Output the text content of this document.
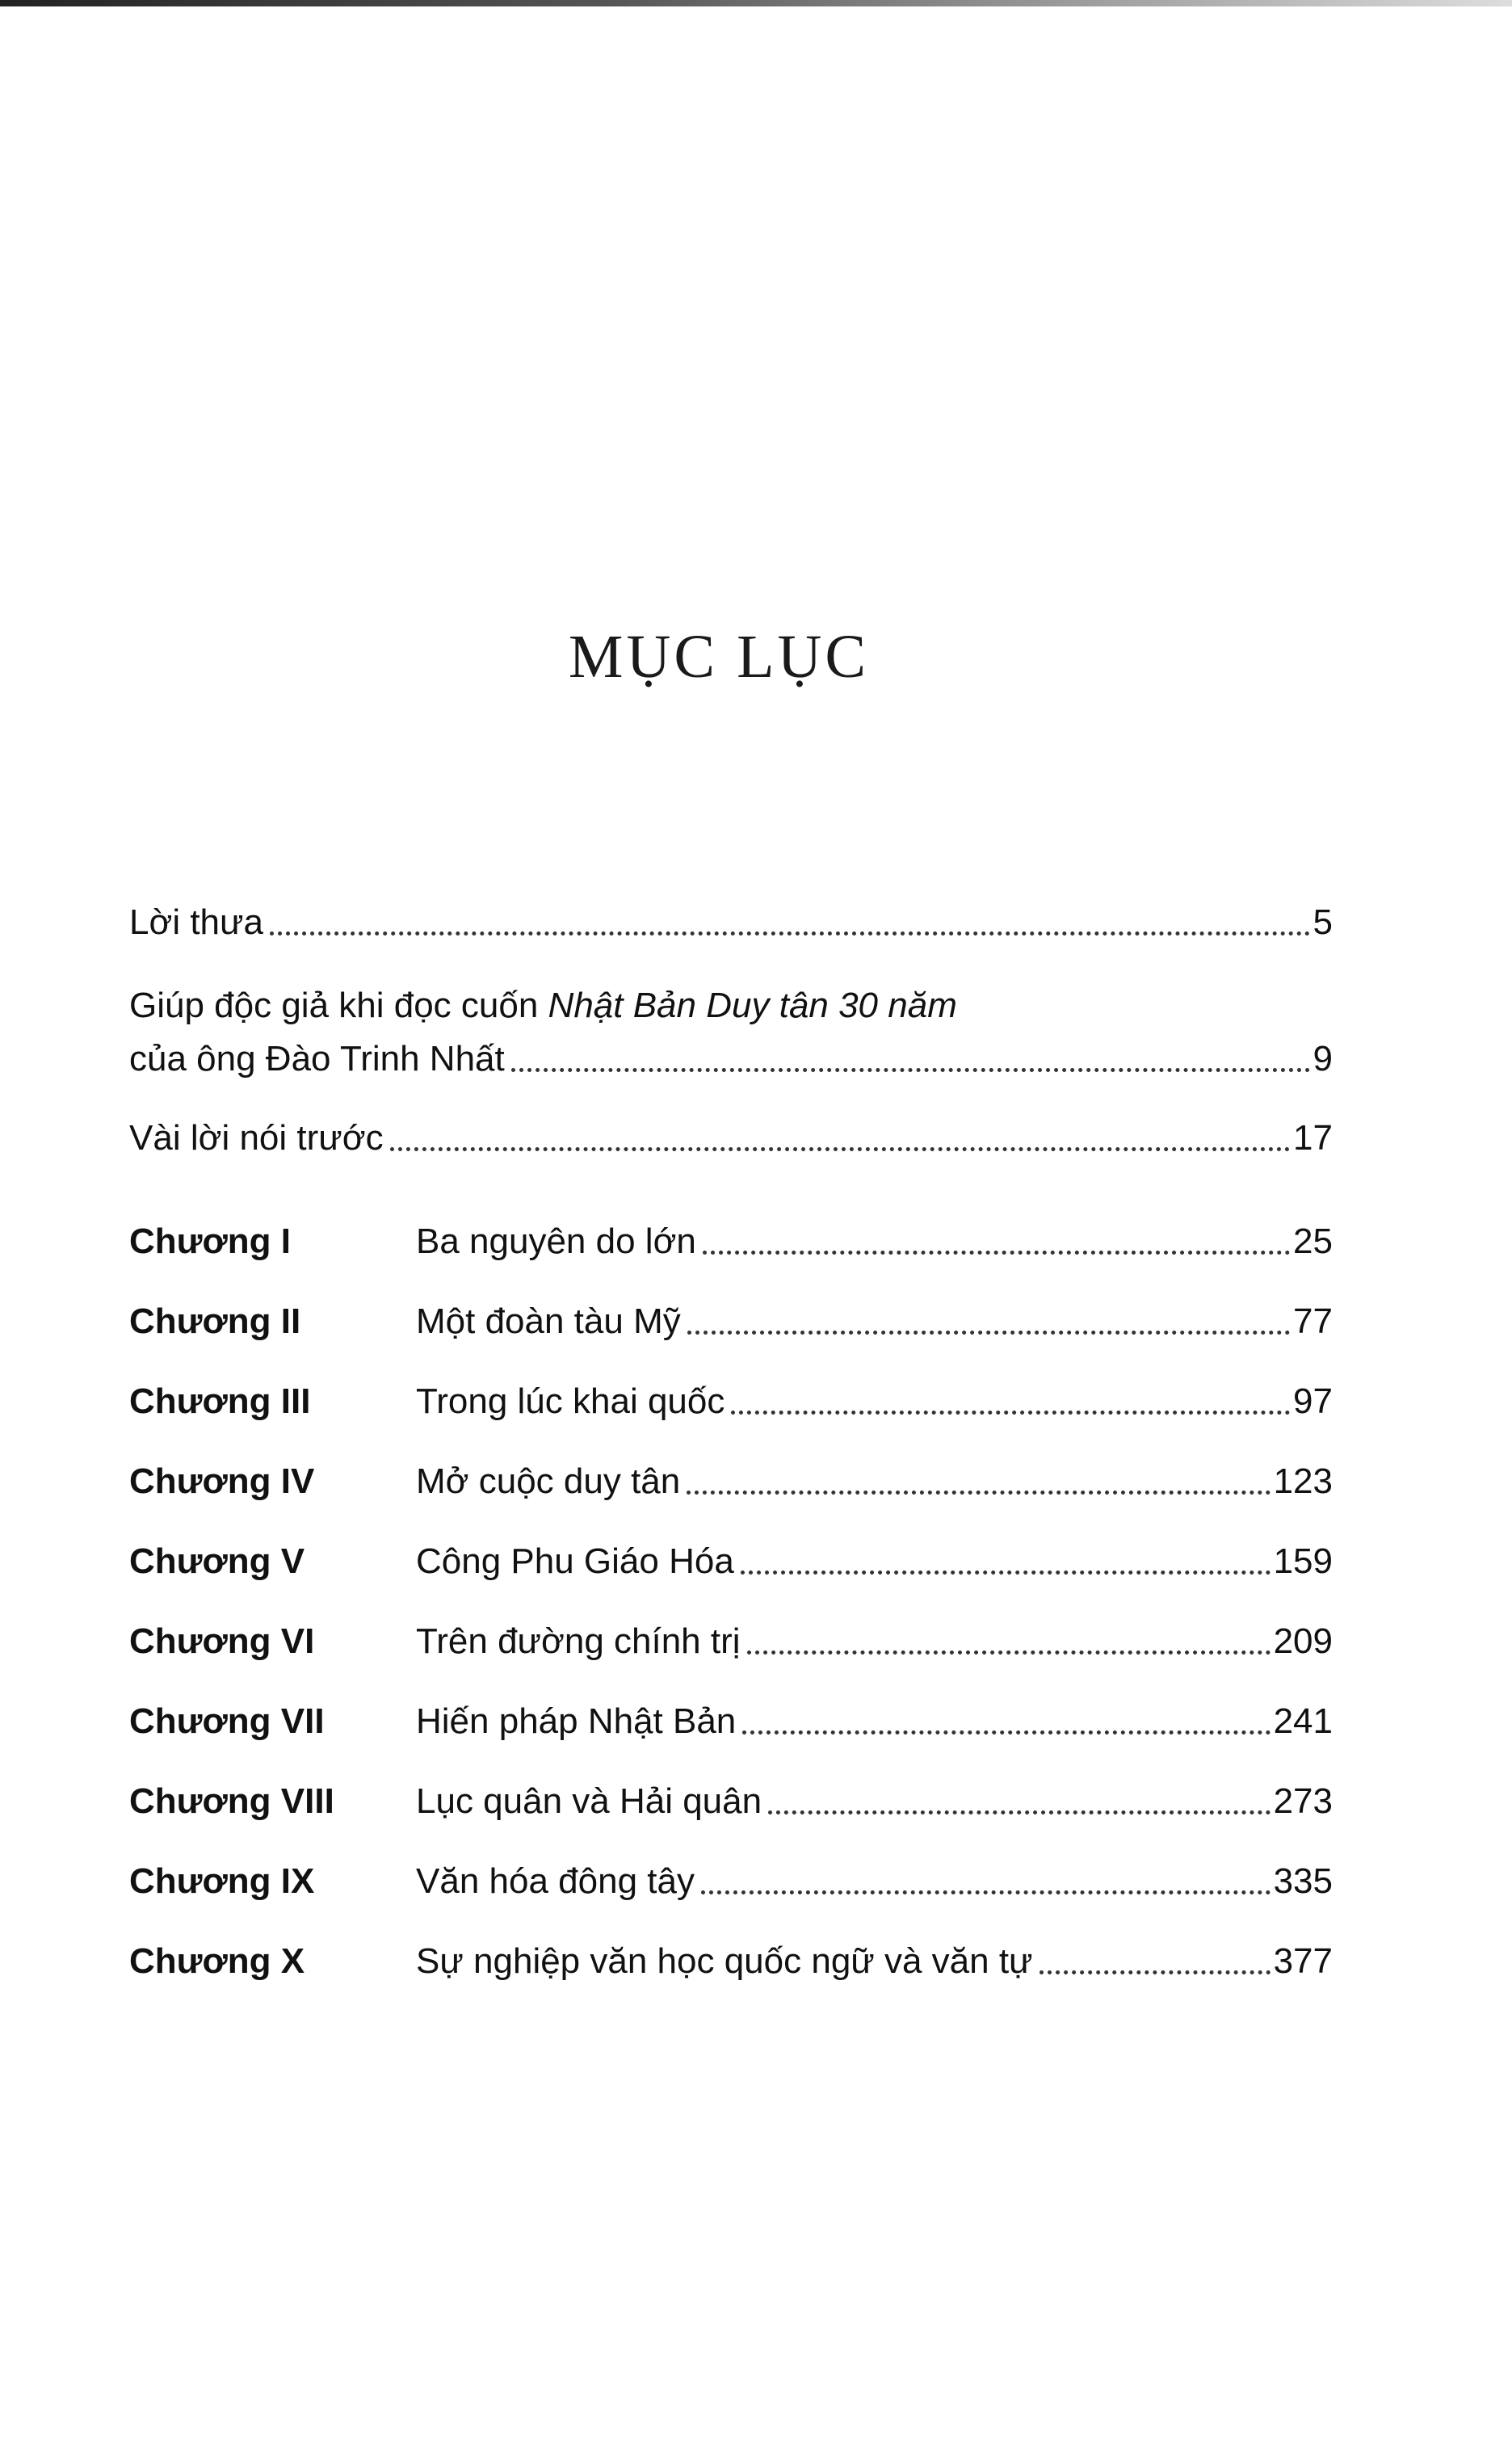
MỤC LỤC
Lời thưa	5
Giúp độc giả khi đọc cuốn Nhật Bản Duy tân 30 năm
của ông Đào Trinh Nhất	9
Vài lời nói trước	17
Chương I	Ba nguyên do lớn	25
Chương II	Một đoàn tàu Mỹ	77
Chương III	Trong lúc khai quốc	97
Chương IV	Mở cuộc duy tân	123
Chương V	Công Phu Giáo Hóa	159
Chương VI	Trên đường chính trị	209
Chương VII	Hiến pháp Nhật Bản	241
Chương VIII	Lục quân và Hải quân	273
Chương IX	Văn hóa đông tây	335
Chương X	Sự nghiệp văn học quốc ngữ và văn tự	377
